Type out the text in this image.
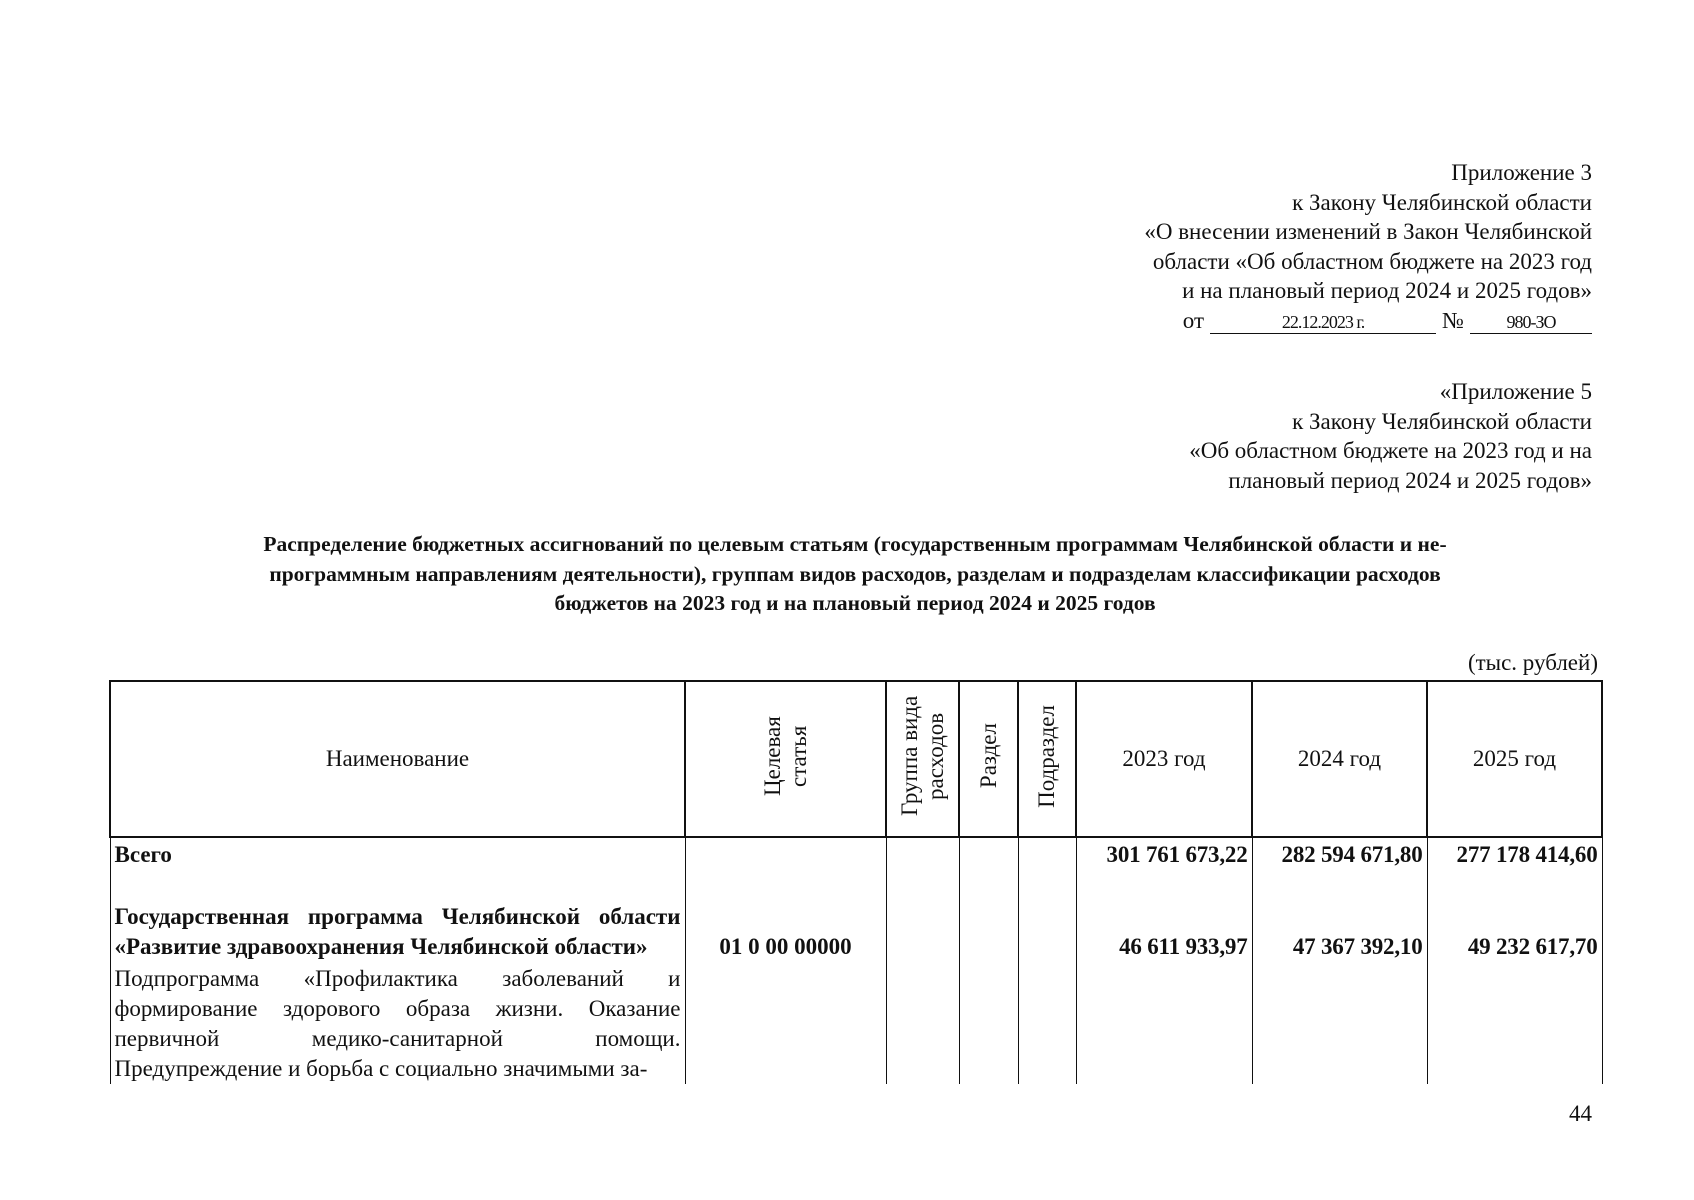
Приложение 3
к Закону Челябинской области
«О внесении изменений в Закон Челябинской
области «Об областном бюджете на 2023 год
и на плановый период 2024 и 2025 годов»
от	22.12.2023 г.	№	980-ЗО
«Приложение 5
к Закону Челябинской области
«Об областном бюджете на 2023 год и на
плановый период 2024 и 2025 годов»
Распределение бюджетных ассигнований по целевым статьям (государственным программам Челябинской области и не-
программным направлениям деятельности), группам видов расходов, разделам и подразделам классификации расходов
бюджетов на 2023 год и на плановый период 2024 и 2025 годов
(тыс. рублей)
Наименование	Целевая статья	Группа вида расходов	Раздел	Подраздел	2023 год	2024 год	2025 год
Всего					301 761 673,22	282 594 671,80	277 178 414,60
Государственная программа Челябинской области «Развитие здравоохранения Челябинской области»	01 0 00 00000				46 611 933,97	47 367 392,10	49 232 617,70
Подпрограмма «Профилактика заболеваний и формирование здорового образа жизни. Оказание первичной медико-санитарной помощи. Предупреждение и борьба с социально значимыми за-							
44
